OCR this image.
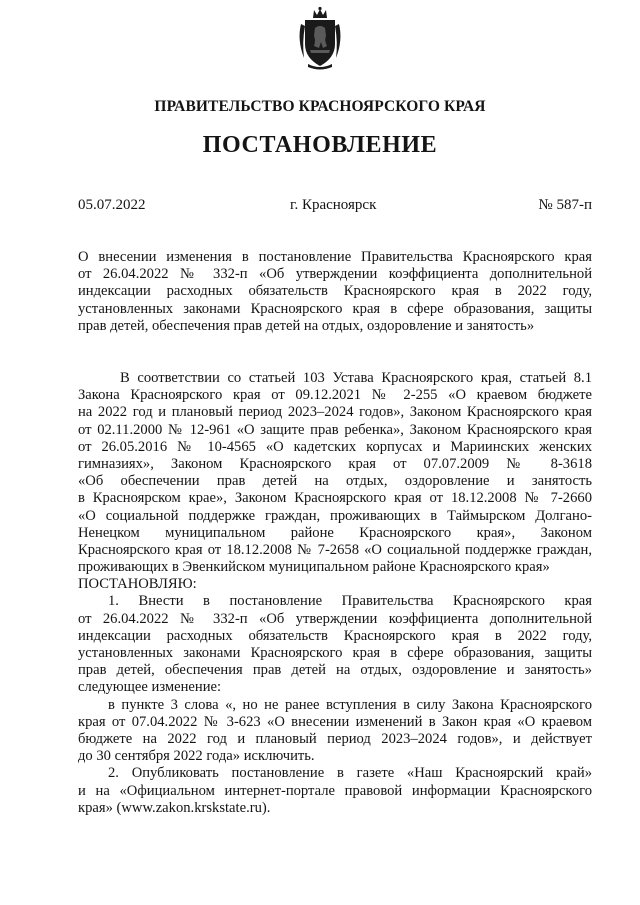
ПРАВИТЕЛЬСТВО КРАСНОЯРСКОГО КРАЯ
ПОСТАНОВЛЕНИЕ
05.07.2022	г. Красноярск	№ 587-п
О внесении изменения в постановление Правительства Красноярского края
от 26.04.2022 № 332-п «Об утверждении коэффициента дополнительной
индексации расходных обязательств Красноярского края в 2022 году,
установленных законами Красноярского края в сфере образования, защиты
прав детей, обеспечения прав детей на отдых, оздоровление и занятость»
В соответствии со статьей 103 Устава Красноярского края, статьей 8.1
Закона Красноярского края от 09.12.2021 № 2-255 «О краевом бюджете
на 2022 год и плановый период 2023–2024 годов», Законом Красноярского края
от 02.11.2000 № 12-961 «О защите прав ребенка», Законом Красноярского края
от 26.05.2016 № 10-4565 «О кадетских корпусах и Мариинских женских
гимназиях», Законом Красноярского края от 07.07.2009 № 8-3618
«Об обеспечении прав детей на отдых, оздоровление и занятость
в Красноярском крае», Законом Красноярского края от 18.12.2008 № 7-2660
«О социальной поддержке граждан, проживающих в Таймырском Долгано-
Ненецком муниципальном районе Красноярского края», Законом
Красноярского края от 18.12.2008 № 7-2658 «О социальной поддержке граждан,
проживающих в Эвенкийском муниципальном районе Красноярского края»
ПОСТАНОВЛЯЮ:
1. Внести в постановление Правительства Красноярского края
от 26.04.2022 № 332-п «Об утверждении коэффициента дополнительной
индексации расходных обязательств Красноярского края в 2022 году,
установленных законами Красноярского края в сфере образования, защиты
прав детей, обеспечения прав детей на отдых, оздоровление и занятость»
следующее изменение:
в пункте 3 слова «, но не ранее вступления в силу Закона Красноярского
края от 07.04.2022 № 3-623 «О внесении изменений в Закон края «О краевом
бюджете на 2022 год и плановый период 2023–2024 годов», и действует
до 30 сентября 2022 года» исключить.
2. Опубликовать постановление в газете «Наш Красноярский край»
и на «Официальном интернет-портале правовой информации Красноярского
края» (www.zakon.krskstate.ru).
